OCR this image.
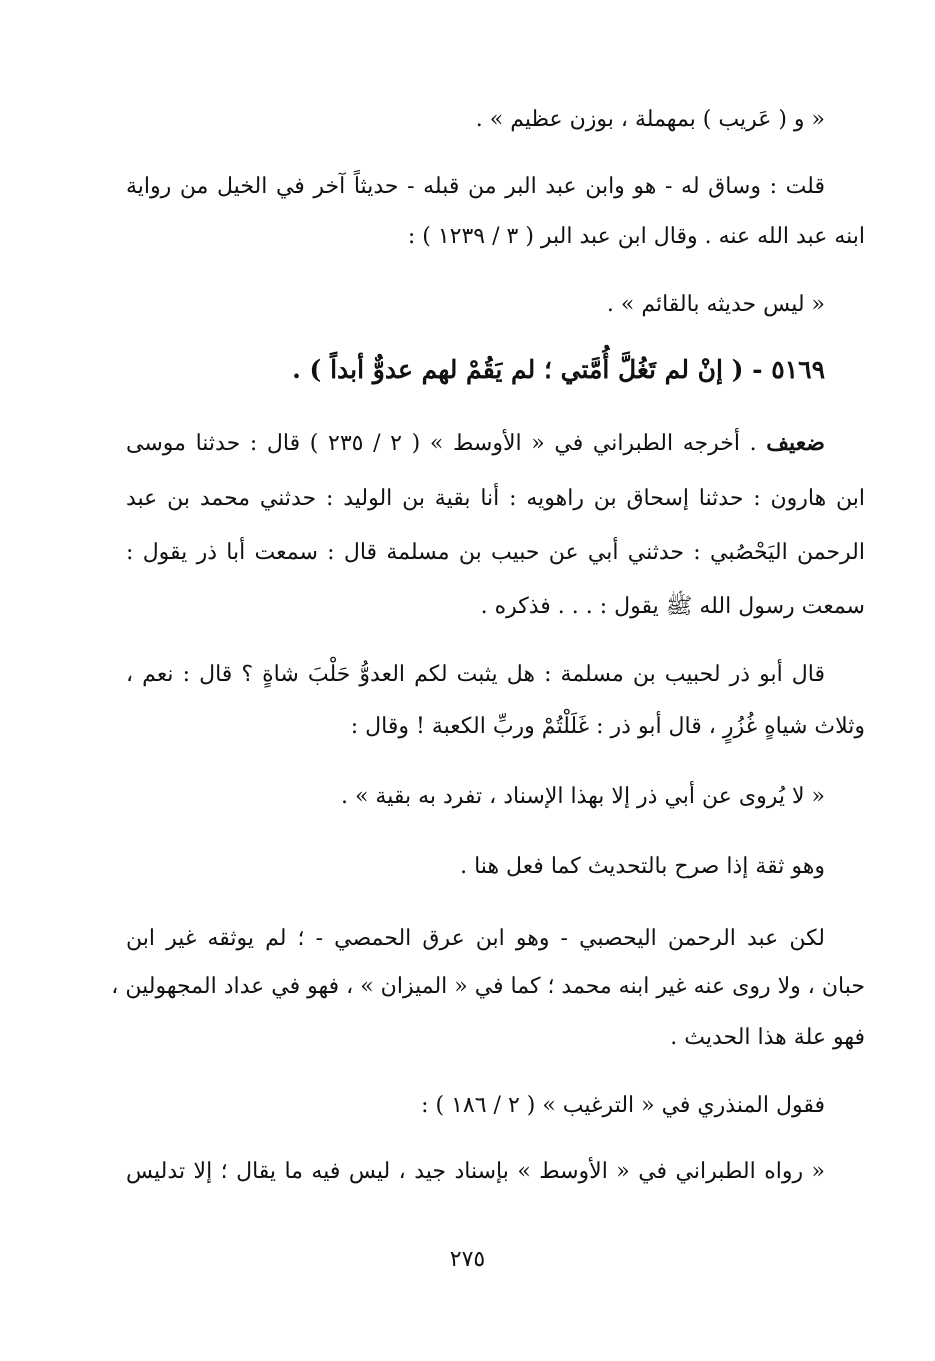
« و ( عَريب ) بمهملة ، بوزن عظيم » .
قلت : وساق له - هو وابن عبد البر من قبله - حديثاً آخر في الخيل من رواية
ابنه عبد الله عنه . وقال ابن عبد البر ( ٣ / ١٢٣٩ ) :
« ليس حديثه بالقائم » .
٥١٦٩ - ( إنْ لم تَغُلَّ أُمَّتي ؛ لم يَقُمْ لهم عدوٌّ أبداً ) .
ضعيف . أخرجه الطبراني في « الأوسط » ( ٢ / ٢٣٥ ) قال : حدثنا موسى
ابن هارون : حدثنا إسحاق بن راهويه : أنا بقية بن الوليد : حدثني محمد بن عبد
الرحمن اليَحْصُبي : حدثني أبي عن حبيب بن مسلمة قال : سمعت أبا ذر يقول :
سمعت رسول الله ﷺ يقول : . . . فذكره .
قال أبو ذر لحبيب بن مسلمة : هل يثبت لكم العدوُّ حَلْبَ شاةٍ ؟ قال : نعم ،
وثلاث شياهٍ غُزُرٍ ، قال أبو ذر : غَلَلْتُمْ وربِّ الكعبة ! وقال :
« لا يُروى عن أبي ذر إلا بهذا الإسناد ، تفرد به بقية » .
وهو ثقة إذا صرح بالتحديث كما فعل هنا .
لكن عبد الرحمن اليحصبي - وهو ابن عرق الحمصي - ؛ لم يوثقه غير ابن
حبان ، ولا روى عنه غير ابنه محمد ؛ كما في « الميزان » ، فهو في عداد المجهولين ،
فهو علة هذا الحديث .
فقول المنذري في « الترغيب » ( ٢ / ١٨٦ ) :
« رواه الطبراني في « الأوسط » بإسناد جيد ، ليس فيه ما يقال ؛ إلا تدليس
٢٧٥
